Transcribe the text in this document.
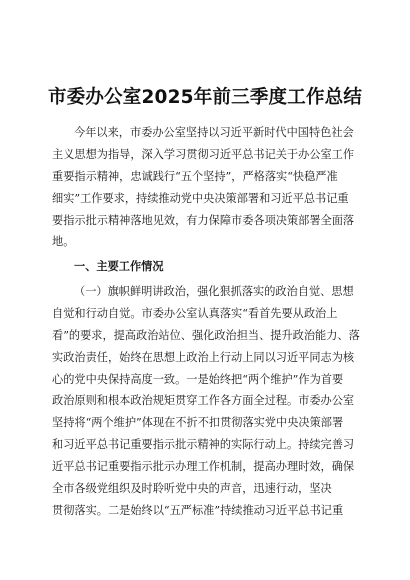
市委办公室2025年前三季度工作总结
今年以来，市委办公室坚持以习近平新时代中国特色社会
主义思想为指导，深入学习贯彻习近平总书记关于办公室工作
重要指示精神，忠诚践行“五个坚持”，严格落实“快稳严准
细实”工作要求，持续推动党中央决策部署和习近平总书记重
要指示批示精神落地见效，有力保障市委各项决策部署全面落
地。
一、主要工作情况
（一）旗帜鲜明讲政治，强化狠抓落实的政治自觉、思想
自觉和行动自觉。市委办公室认真落实“看首先要从政治上
看”的要求，提高政治站位、强化政治担当、提升政治能力、落
实政治责任，始终在思想上政治上行动上同以习近平同志为核
心的党中央保持高度一致。一是始终把“两个维护”作为首要
政治原则和根本政治规矩贯穿工作各方面全过程。市委办公室
坚持将“两个维护”体现在不折不扣贯彻落实党中央决策部署
和习近平总书记重要指示批示精神的实际行动上。持续完善习
近平总书记重要指示批示办理工作机制，提高办理时效，确保
全市各级党组织及时聆听党中央的声音，迅速行动，坚决
贯彻落实。二是始终以“五严标准”持续推动习近平总书记重
